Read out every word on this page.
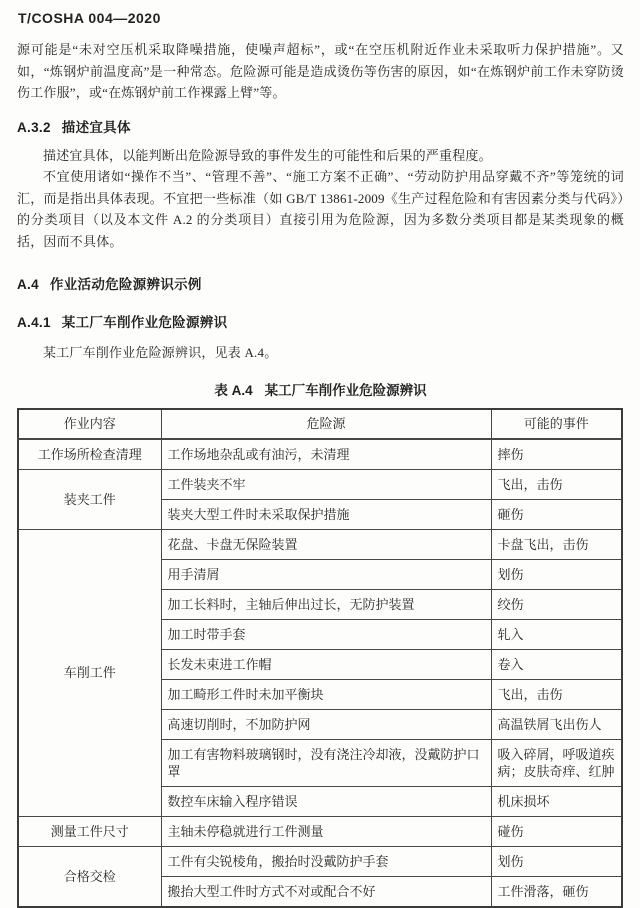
T/COSHA 004—2020

源可能是“未对空压机采取降噪措施，使噪声超标”，或“在空压机附近作业未采取听力保护措施”。又如，“炼钢炉前温度高”是一种常态。危险源可能是造成烫伤等伤害的原因，如“在炼钢炉前工作未穿防烫伤工作服”，或“在炼钢炉前工作裸露上臂”等。

A.3.2 描述宜具体

描述宜具体，以能判断出危险源导致的事件发生的可能性和后果的严重程度。

不宜使用诸如“操作不当”、“管理不善”、“施工方案不正确”、“劳动防护用品穿戴不齐”等笼统的词汇，而是指出具体表现。不宜把一些标准（如 GB/T 13861-2009《生产过程危险和有害因素分类与代码》）的分类项目（以及本文件 A.2 的分类项目）直接引用为危险源，因为多数分类项目都是某类现象的概括，因而不具体。

A.4 作业活动危险源辨识示例
A.4.1 某工厂车削作业危险源辨识

某工厂车削作业危险源辨识，见表 A.4。

表 A.4 某工厂车削作业危险源辨识
作业内容	危险源	可能的事件
工作场所检查清理	工作场地杂乱或有油污，未清理	摔伤
装夹工件	工件装夹不牢	飞出，击伤
	装夹大型工件时未采取保护措施	砸伤
车削工件	花盘、卡盘无保险装置	卡盘飞出，击伤
	用手清屑	划伤
	加工长料时，主轴后伸出过长，无防护装置	绞伤
	加工时带手套	轧入
	长发未束进工作帽	卷入
	加工畸形工件时未加平衡块	飞出，击伤
	高速切削时，不加防护网	高温铁屑飞出伤人
	加工有害物料玻璃钢时，没有浇注冷却液，没戴防护口罩	吸入碎屑，呼吸道疾病；皮肤奇痒、红肿
	数控车床输入程序错误	机床损坏
测量工件尺寸	主轴未停稳就进行工件测量	碰伤
合格交检	工件有尖锐棱角，搬抬时没戴防护手套	划伤
	搬抬大型工件时方式不对或配合不好	工件滑落，砸伤
